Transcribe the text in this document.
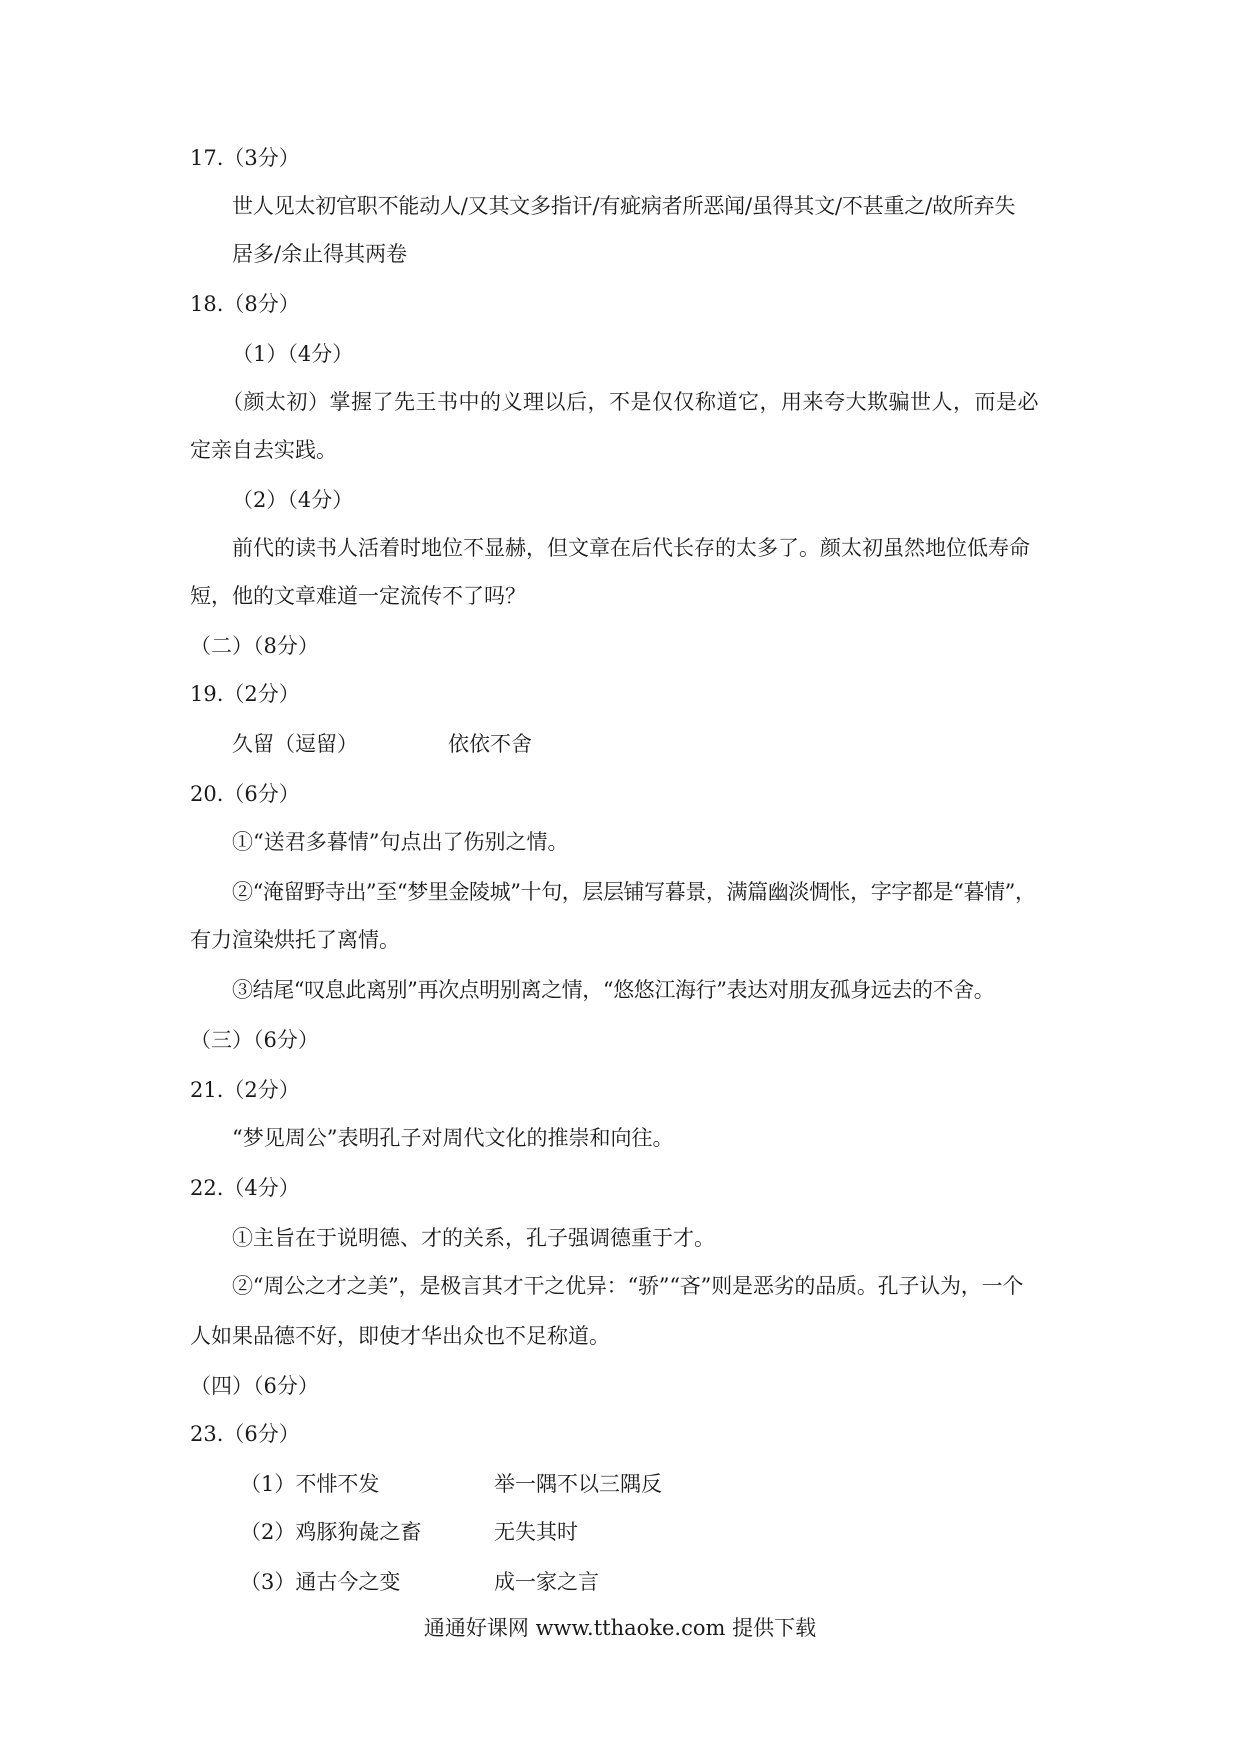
17.（3分）
世人见太初官职不能动人/又其文多指讦/有疵病者所恶闻/虽得其文/不甚重之/故所弃失
居多/余止得其两卷
18.（8分）
（1）（4分）
（颜太初）掌握了先王书中的义理以后，不是仅仅称道它，用来夸大欺骗世人，而是必
定亲自去实践。
（2）（4分）
前代的读书人活着时地位不显赫，但文章在后代长存的太多了。颜太初虽然地位低寿命
短，他的文章难道一定流传不了吗？
（二）（8分）
19.（2分）
久留（逗留）	依依不舍
20.（6分）
①“送君多暮情”句点出了伤别之情。
②“淹留野寺出”至“梦里金陵城”十句，层层铺写暮景，满篇幽淡惆怅，字字都是“暮情”，
有力渲染烘托了离情。
③结尾“叹息此离别”再次点明别离之情，“悠悠江海行”表达对朋友孤身远去的不舍。
（三）（6分）
21.（2分）
“梦见周公”表明孔子对周代文化的推崇和向往。
22.（4分）
①主旨在于说明德、才的关系，孔子强调德重于才。
②“周公之才之美”，是极言其才干之优异：“骄”“吝”则是恶劣的品质。孔子认为，一个
人如果品德不好，即使才华出众也不足称道。
（四）（6分）
23.（6分）
（1）不悱不发	举一隅不以三隅反
（2）鸡豚狗彘之畜	无失其时
（3）通古今之变	成一家之言
通通好课网 www.tthaoke.com 提供下载
